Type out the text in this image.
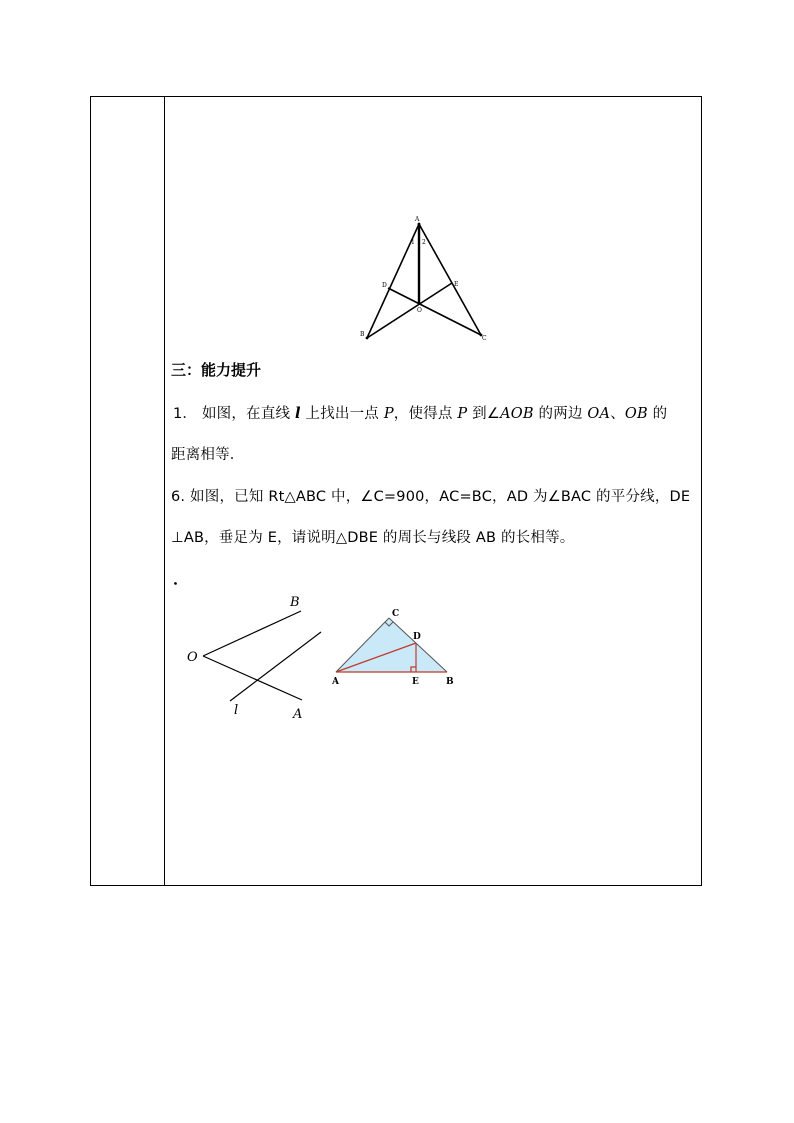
A
D	E
O
B
C
1 2
三：能力提升
1． 如图，在直线 l 上找出一点 P，使得点 P 到∠AOB 的两边 OA、OB 的
距离相等．
6. 如图，已知 Rt△ABC 中，∠C=900，AC=BC，AD 为∠BAC 的平分线，DE
⊥AB，垂足为 E，请说明△DBE 的周长与线段 AB 的长相等。
．
O
B
A
l
A	E	B
C
D
